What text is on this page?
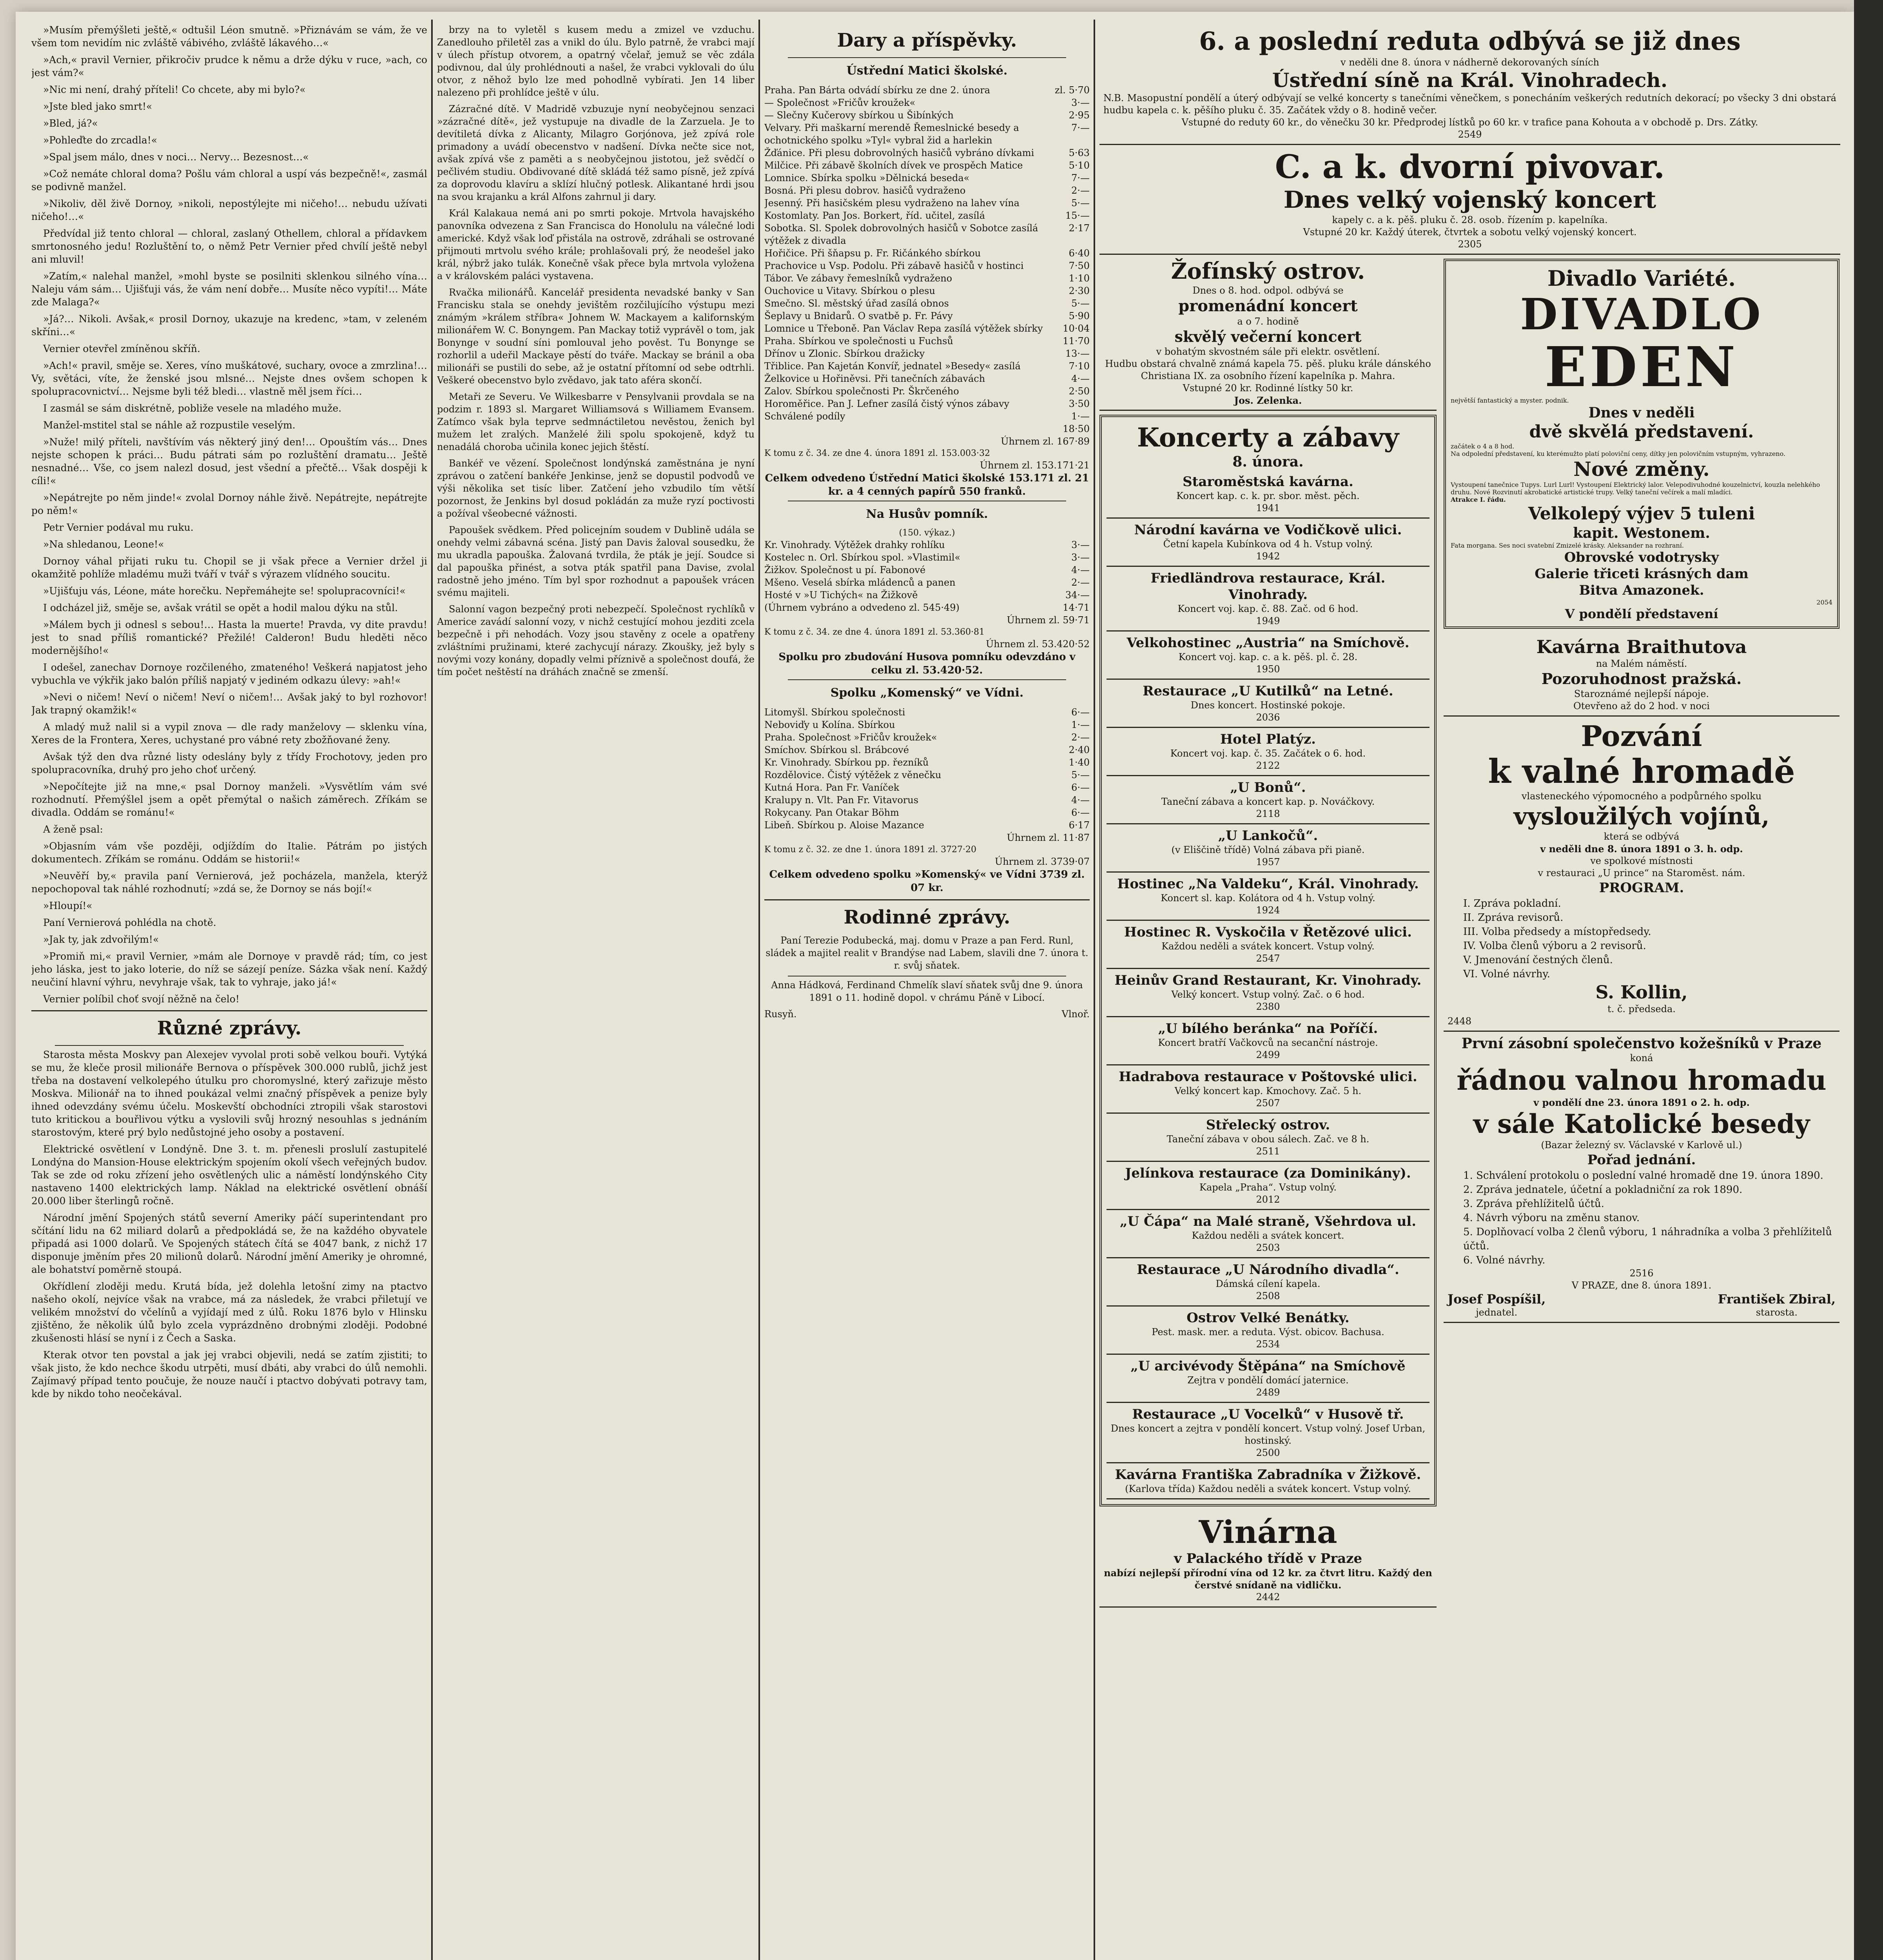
»Musím přemýšleti ještě,« odtušil Léon smutně. »Přiznávám se vám, že ve všem tom nevidím nic zvláště vábivého, zvláště lákavého…«

»Ach,« pravil Vernier, přikročiv prudce k němu a drže dýku v ruce, »ach, co jest vám?«

»Nic mi není, drahý příteli! Co chcete, aby mi bylo?«

»Jste bled jako smrt!«

»Bled, já?«

»Pohleďte do zrcadla!«

»Spal jsem málo, dnes v noci… Nervy… Bezesnost…«

»Což nemáte chloral doma? Pošlu vám chloral a uspí vás bezpečně!«, zasmál se podivně manžel.

»Nikoliv, děl živě Dornoy, »nikoli, nepostýlejte mi ničeho!… nebudu užívati ničeho!…«

Předvídal již tento chloral — chloral, zaslaný Othellem, chloral a přídavkem smrtonosného jedu! Rozluštění to, o němž Petr Vernier před chvílí ještě nebyl ani mluvil!

»Zatím,« nalehal manžel, »mohl byste se posilniti sklenkou silného vína… Naleju vám sám… Ujišťuji vás, že vám není dobře… Musíte něco vypíti!… Máte zde Malaga?«

»Já?… Nikoli. Avšak,« prosil Dornoy, ukazuje na kredenc, »tam, v zeleném skříni…«

Vernier otevřel zmíněnou skříň.

»Ach!« pravil, směje se. Xeres, víno muškátové, suchary, ovoce a zmrzlina!… Vy, světáci, víte, že ženské jsou mlsné… Nejste dnes ovšem schopen k spolupracovnictví… Nejsme byli též bledi… vlastně měl jsem říci…

I zasmál se sám diskrétně, pobliže vesele na mladého muže.

Manžel-mstitel stal se náhle až rozpustile veselým.

»Nuže! milý příteli, navštívím vás některý jiný den!… Opouštím vás… Dnes nejste schopen k práci… Budu pátrati sám po rozluštění dramatu… Ještě nesnadné… Vše, co jsem nalezl dosud, jest všední a přečtě… Však dospěji k cíli!«

»Nepátrejte po něm jinde!« zvolal Dornoy náhle živě. Nepátrejte, nepátrejte po něm!«

Petr Vernier podával mu ruku.

»Na shledanou, Leone!«

Dornoy váhal přijati ruku tu. Chopil se ji však přece a Vernier držel ji okamžitě pohlíže mladému muži tváří v tvář s výrazem vlídného soucitu.

»Ujišťuju vás, Léone, máte horečku. Nepřemáhejte se! spolupracovníci!«

I odcházel již, směje se, avšak vrátil se opět a hodil malou dýku na stůl.

»Málem bych ji odnesl s sebou!… Hasta la muerte! Pravda, vy dite pravdu! jest to snad příliš romantické? Přežilé! Calderon! Budu hleděti něco modernějšího!«

I odešel, zanechav Dornoye rozčileného, zmateného! Veškerá napjatost jeho vybuchla ve výkřik jako balón příliš napjatý v jediném odkazu úlevy: »ah!«

»Nevi o ničem! Neví o ničem! Neví o ničem!… Avšak jaký to byl rozhovor! Jak trapný okamžik!«

A mladý muž nalil si a vypil znova — dle rady manželovy — sklenku vína, Xeres de la Frontera, Xeres, uchystané pro vábné rety zbožňované ženy.

Avšak týž den dva různé listy odeslány byly z třídy Frochotovy, jeden pro spolupracovníka, druhý pro jeho choť určený.

»Nepočítejte již na mne,« psal Dornoy manželi. »Vysvětlím vám své rozhodnutí. Přemýšlel jsem a opět přemýtal o našich záměrech. Zříkám se divadla. Oddám se románu!«

A ženě psal:

»Objasním vám vše později, odjíždím do Italie. Pátrám po jistých dokumentech. Zříkám se románu. Oddám se historii!«

»Neuvěří by,« pravila paní Vernierová, jež pocházela, manžela, kterýž nepochopoval tak náhlé rozhodnutí; »zdá se, že Dornoy se nás bojí!«

»Hloupí!«

Paní Vernierová pohlédla na chotě.

»Jak ty, jak zdvořilým!«

»Promiň mi,« pravil Vernier, »mám ale Dornoye v pravdě rád; tím, co jest jeho láska, jest to jako loterie, do níž se sázejí peníze. Sázka však není. Každý neučiní hlavní výhru, nevyhraje však, tak to vyhraje, jako já!«

Vernier políbil choť svojí něžně na čelo!

Různé zprávy.

Starosta města Moskvy pan Alexejev vyvolal proti sobě velkou bouři. Vytýká se mu, že kleče prosil milionáře Bernova o příspěvek 300.000 rublů, jichž jest třeba na dostavení velkolepého útulku pro choromyslné, který zařizuje město Moskva. Milionář na to ihned poukázal velmi značný příspěvek a penize byly ihned odevzdány svému účelu. Moskevští obchodníci ztropili však starostovi tuto kritickou a bouřlivou výtku a vyslovili svůj hrozný nesouhlas s jednáním starostovým, které prý bylo nedůstojné jeho osoby a postavení.

Elektrické osvětlení v Londýně. Dne 3. t. m. přenesli proslulí zastupitelé Londýna do Mansion-House elektrickým spojením okolí všech veřejných budov. Tak se zde od roku zřízení jeho osvětlených ulic a náměstí londýnského City nastaveno 1400 elektrických lamp. Náklad na elektrické osvětlení obnáší 20.000 liber šterlingů ročně.

Národní jmění Spojených států severní Ameriky páčí superintendant pro sčítání lidu na 62 miliard dolarů a předpokládá se, že na každého obyvatele připadá asi 1000 dolarů. Ve Spojených státech čítá se 4047 bank, z nichž 17 disponuje jměním přes 20 milionů dolarů. Národní jmění Ameriky je ohromné, ale bohatství poměrně stoupá.

Okřídlení zloději medu. Krutá bída, jež dolehla letošní zimy na ptactvo našeho okolí, nejvíce však na vrabce, má za následek, že vrabci přiletují ve velikém množství do včelínů a vyjídají med z úlů. Roku 1876 bylo v Hlinsku zjištěno, že několik úlů bylo zcela vyprázdněno drobnými zloději. Podobné zkušenosti hlásí se nyní i z Čech a Saska.

Kterak otvor ten povstal a jak jej vrabci objevili, nedá se zatím zjistiti; to však jisto, že kdo nechce škodu utrpěti, musí dbáti, aby vrabci do úlů nemohli. Zajímavý případ tento poučuje, že nouze naučí i ptactvo dobývati potravy tam, kde by nikdo toho neočekával.

brzy na to vyletěl s kusem medu a zmizel ve vzduchu. Zanedlouho přiletěl zas a vnikl do úlu. Bylo patrně, že vrabci mají v úlech přístup otvorem, a opatrný včelař, jemuž se věc zdála podivnou, dal úly prohlédnouti a našel, že vrabci vyklovali do úlu otvor, z něhož bylo lze med pohodlně vybírati. Jen 14 liber nalezeno při prohlídce ještě v úlu.

Zázračné dítě. V Madridě vzbuzuje nyní neobyčejnou senzaci »zázračné dítě«, jež vystupuje na divadle de la Zarzuela. Je to devítiletá dívka z Alicanty, Milagro Gorjónova, jež zpívá role primadony a uvádí obecenstvo v nadšení. Dívka nečte sice not, avšak zpívá vše z paměti a s neobyčejnou jistotou, jež svědčí o pečlivém studiu. Obdivované dítě skládá též samo písně, jež zpívá za doprovodu klavíru a sklízí hlučný potlesk. Alikantané hrdi jsou na svou krajanku a král Alfons zahrnul ji dary.

Král Kalakaua nemá ani po smrti pokoje. Mrtvola havajského panovníka odvezena z San Francisca do Honolulu na válečné lodi americké. Když však loď přistála na ostrově, zdráhali se ostrované přijmouti mrtvolu svého krále; prohlašovali prý, že neodešel jako král, nýbrž jako tulák. Konečně však přece byla mrtvola vyložena a v královském paláci vystavena.

Rvačka milionářů. Kancelář presidenta nevadské banky v San Francisku stala se onehdy jevištěm rozčilujícího výstupu mezi známým »králem stříbra« Johnem W. Mackayem a kalifornským milionářem W. C. Bonyngem. Pan Mackay totiž vyprávěl o tom, jak Bonynge v soudní síni pomlouval jeho pověst. Tu Bonynge se rozhorlil a udeřil Mackaye pěstí do tváře. Mackay se bránil a oba milionáři se pustili do sebe, až je ostatní přítomní od sebe odtrhli. Veškeré obecenstvo bylo zvědavo, jak tato aféra skončí.

Metaři ze Severu. Ve Wilkesbarre v Pensylvanii provdala se na podzim r. 1893 sl. Margaret Williamsová s Williamem Evansem. Zatímco však byla teprve sedmnáctiletou nevěstou, ženich byl mužem let zralých. Manželé žili spolu spokojeně, když tu nenadálá choroba učinila konec jejich štěstí.

Bankéř ve vězení. Společnost londýnská zaměstnána je nyní zprávou o zatčení bankéře Jenkinse, jenž se dopustil podvodů ve výši několika set tisíc liber. Zatčení jeho vzbudilo tím větší pozornost, že Jenkins byl dosud pokládán za muže ryzí poctivosti a požíval všeobecné vážnosti.

Papoušek svědkem. Před policejním soudem v Dublině udála se onehdy velmi zábavná scéna. Jistý pan Davis žaloval sousedku, že mu ukradla papouška. Žalovaná tvrdila, že pták je její. Soudce si dal papouška přinést, a sotva pták spatřil pana Davise, zvolal radostně jeho jméno. Tím byl spor rozhodnut a papoušek vrácen svému majiteli.

Salonní vagon bezpečný proti nebezpečí. Společnost rychlíků v Americe zavádí salonní vozy, v nichž cestující mohou jezditi zcela bezpečně i při nehodách. Vozy jsou stavěny z ocele a opatřeny zvláštními pružinami, které zachycují nárazy. Zkoušky, jež byly s novými vozy konány, dopadly velmi příznivě a společnost doufá, že tím počet neštěstí na dráhách značně se zmenší.

Dary a příspěvky.
Ústřední Matici školské.
Praha. Pan Bárta odvádí sbírku ze dne 2. února	zl. 5·70
— Společnost »Fričův kroužek«	3·—
— Slečny Kučerovy sbírkou u Šibínkých	2·95
Velvary. Při maškarní merendě Řemeslnické besedy a ochotnického spolku »Tyl« vybral žid a harlekin
7·—
Žďánice. Při plesu dobrovolných hasičů vybráno dívkami	5·63
Milčice. Při zábavě školních dívek ve prospěch Matice	5·10
Lomnice. Sbírka spolku »Dělnická beseda«	7·—
Bosná. Při plesu dobrov. hasičů vydraženo	2·—
Jesenný. Při hasičském plesu vydraženo na lahev vína	5·—
Kostomlaty. Pan Jos. Borkert, říd. učitel, zasílá	15·—
Sobotka. Sl. Spolek dobrovolných hasičů v Sobotce zasílá výtěžek z divadla
2·17
Hořičice. Při šňapsu p. Fr. Ričánkého sbírkou	6·40
Prachovice u Vsp. Podolu. Při zábavě hasičů v hostinci	7·50
Tábor. Ve zábavy řemeslníků vydraženo	1·10
Ouchovice u Vitavy. Sbírkou o plesu	2·30
Smečno. Sl. městský úřad zasílá obnos	5·—
Šeplavy u Bnidarů. O svatbě p. Fr. Pávy	5·90
Lomnice u Třeboně. Pan Václav Repa zasílá výtěžek sbírky	10·04
Praha. Sbírkou ve společnosti u Fuchsů	11·70
Dřínov u Zlonic. Sbírkou dražicky	13·—
Třiblice. Pan Kajetán Konvíř, jednatel »Besedy« zasílá	7·10
Želkovice u Hořiněvsi. Při tanečních zábavách	4·—
Zalov. Sbírkou společnosti Pr. Škrčeného	2·50
Horoměřice. Pan J. Lefner zasílá čistý výnos zábavy	3·50
Schválené podíly	1·—
18·50
Úhrnem zl. 167·89
K tomu z č. 34. ze dne 4. února 1891 zl. 153.003·32
Úhrnem zl. 153.171·21
Celkem odvedeno Ústřední Matici školské 153.171 zl. 21 kr. a 4 cenných papírů 550 franků.
Na Husův pomník.
(150. výkaz.)
Kr. Vinohrady. Výtěžek drahky rohlíku	3·—
Kostelec n. Orl. Sbírkou spol. »Vlastimil«	3·—
Žižkov. Společnost u pí. Fabonové	4·—
Mšeno. Veselá sbírka mládenců a panen	2·—
Hosté v »U Tichých« na Žižkově	34·—
(Úhrnem vybráno a odvedeno zl. 545·49)	14·71
Úhrnem zl. 59·71
K tomu z č. 34. ze dne 4. února 1891 zl. 53.360·81
Úhrnem zl. 53.420·52
Spolku pro zbudování Husova pomníku odevzdáno v celku zl. 53.420·52.
Spolku „Komenský“ ve Vídni.
Litomyšl. Sbírkou společnosti	6·—
Neboviďy u Kolína. Sbírkou	1·—
Praha. Společnost »Fričův kroužek«	2·—
Smíchov. Sbírkou sl. Brábcové	2·40
Kr. Vinohrady. Sbírkou pp. řezníků	1·40
Rozdělovice. Čistý výtěžek z věnečku	5·—
Kutná Hora. Pan Fr. Vaníček	6·—
Kralupy n. Vlt. Pan Fr. Vitavorus	4·—
Rokycany. Pan Otakar Böhm	6·—
Libeň. Sbírkou p. Aloise Mazance	6·17
Úhrnem zl. 11·87
K tomu z č. 32. ze dne 1. února 1891 zl. 3727·20
Úhrnem zl. 3739·07
Celkem odvedeno spolku »Komenský« ve Vídni 3739 zl. 07 kr.
Rodinné zprávy.

Paní Terezie Podubecká, maj. domu v Praze a pan Ferd. Runl, sládek a majitel realit v Brandýse nad Labem, slavili dne 7. února t. r. svůj sňatek.

Anna Hádková, Ferdinand Chmelík slaví sňatek svůj dne 9. února 1891 o 11. hodině dopol. v chrámu Páně v Libocí.

Rusyň.	Vlnoř.
6. a poslední reduta odbývá se již dnes
v neděli dne 8. února v nádherně dekorovaných síních
Ústřední síně na Král. Vinohradech.
N.B. Masopustní pondělí a úterý odbývají se velké koncerty s tanečními věnečkem, s ponecháním veškerých redutních dekorací; po všecky 3 dni obstará hudbu kapela c. k. pěšího pluku č. 35. Začátek vždy o 8. hodině večer.
Vstupné do reduty 60 kr., do věnečku 30 kr. Předprodej lístků po 60 kr. v trafice pana Kohouta a v obchodě p. Drs. Zátky.
2549
C. a k. dvorní pivovar.
Dnes velký vojenský koncert
kapely c. a k. pěš. pluku č. 28. osob. řízením p. kapelníka.
Vstupné 20 kr. Každý úterek, čtvrtek a sobotu velký vojenský koncert.
2305
Žofínský ostrov.
Dnes o 8. hod. odpol. odbývá se
promenádní koncert
a o 7. hodině
skvělý večerní koncert
v bohatým skvostném sále při elektr. osvětlení.
Hudbu obstará chvalně známá kapela 75. pěš. pluku krále dánského Christiana IX. za osobního řízení kapelníka p. Mahra.
Vstupné 20 kr. Rodinné lístky 50 kr.
Jos. Zelenka.
Koncerty a zábavy
8. února.
Staroměstská kavárna.
Koncert kap. c. k. pr. sbor. měst. pěch.
1941
Národní kavárna ve Vodičkově ulici.
Četní kapela Kubínkova od 4 h. Vstup volný.
1942
Friedländrova restaurace, Král. Vinohrady.
Koncert voj. kap. č. 88. Zač. od 6 hod.
1949
Velkohostinec „Austria“ na Smíchově.
Koncert voj. kap. c. a k. pěš. pl. č. 28.
1950
Restaurace „U Kutilků“ na Letné.
Dnes koncert. Hostinské pokoje.
2036
Hotel Platýz.
Koncert voj. kap. č. 35. Začátek o 6. hod.
2122
„U Bonů“.
Taneční zábava a koncert kap. p. Nováčkovy.
2118
„U Lankočů“.
(v Eliščině třídě) Volná zábava při pianě.
1957
Hostinec „Na Valdeku“, Král. Vinohrady.
Koncert sl. kap. Kolátora od 4 h. Vstup volný.
1924
Hostinec R. Vyskočila v Řetězové ulici.
Každou neděli a svátek koncert. Vstup volný.
2547
Heinův Grand Restaurant, Kr. Vinohrady.
Velký koncert. Vstup volný. Zač. o 6 hod.
2380
„U bílého beránka“ na Poříčí.
Koncert bratří Vačkovců na secanční nástroje.
2499
Hadrabova restaurace v Poštovské ulici.
Velký koncert kap. Kmochovy. Zač. 5 h.
2507
Střelecký ostrov.
Taneční zábava v obou sálech. Zač. ve 8 h.
2511
Jelínkova restaurace (za Dominikány).
Kapela „Praha“. Vstup volný.
2012
„U Čápa“ na Malé straně, Všehrdova ul.
Každou neděli a svátek koncert.
2503
Restaurace „U Národního divadla“.
Dámská cílení kapela.
2508
Ostrov Velké Benátky.
Pest. mask. mer. a reduta. Výst. obicov. Bachusa.
2534
„U arcivévody Štěpána“ na Smíchově
Zejtra v pondělí domácí jaternice.
2489
Restaurace „U Vocelků“ v Husově tř.
Dnes koncert a zejtra v pondělí koncert. Vstup volný. Josef Urban, hostinský.
2500
Kavárna Františka Zabradníka v Žižkově.
(Karlova třída) Každou neděli a svátek koncert. Vstup volný.
Vinárna
v Palackého třídě v Praze
nabízí nejlepší přírodní vína od 12 kr. za čtvrt litru. Každý den čerstvé snídaně na vidličku.
2442
Divadlo Variété.
DIVADLO
EDEN
největší fantastický a myster. podnik.
Dnes v neděli
dvě skvělá představení.
začátek o 4 a 8 hod.
Na odpolední představení, ku kterémužto platí poloviční ceny, dítky jen polovičním vstupným, vyhrazeno.
Nové změny.
Vystoupení tanečnice Tupys. Lurl Lurl! Vystoupení Elektrický lalor. Velepodivuhodné kouzelnictví, kouzla nelehkého druhu. Nové Rozvinutí akrobatické artistické trupy. Velký taneční večírek a malí mladíci.
Atrakce I. řádu.
Velkolepý výjev 5 tuleni
kapit. Westonem.
Fata morgana. Ses noci svatební Zmizelé krásky. Aleksander na rozhraní.
Obrovské vodotrysky
Galerie třiceti krásných dam
Bitva Amazonek.
2054
V pondělí představení
Kavárna Braithutova
na Malém náměstí.
Pozoruhodnost pražská.
Staroznámé nejlepší nápoje.
Otevřeno až do 2 hod. v noci
Pozvání
k valné hromadě
vlasteneckého výpomocného a podpůrného spolku
vysloužilých vojínů,
která se odbývá
v neděli dne 8. února 1891 o 3. h. odp.
ve spolkové místnosti
v restauraci „U prince“ na Staroměst. nám.
PROGRAM.
I. Zpráva pokladní.
II. Zpráva revisorů.
III. Volba předsedy a místopředsedy.
IV. Volba členů výboru a 2 revisorů.
V. Jmenování čestných členů.
VI. Volné návrhy.
S. Kollin,
t. č. předseda.
2448
První zásobní společenstvo kožešníků v Praze
koná
řádnou valnou hromadu
v pondělí dne 23. února 1891 o 2. h. odp.
v sále Katolické besedy
(Bazar železný sv. Václavské v Karlově ul.)
Pořad jednání.
1. Schválení protokolu o poslední valné hromadě dne 19. února 1890.
2. Zpráva jednatele, účetní a pokladniční za rok 1890.
3. Zpráva přehlížitelů účtů.
4. Návrh výboru na změnu stanov.
5. Doplňovací volba 2 členů výboru, 1 náhradníka a volba 3 přehlížitelů účtů.
6. Volné návrhy.
2516
V PRAZE, dne 8. února 1891.
Josef Pospíšil,
jednatel.
František Zbiral,
starosta.
